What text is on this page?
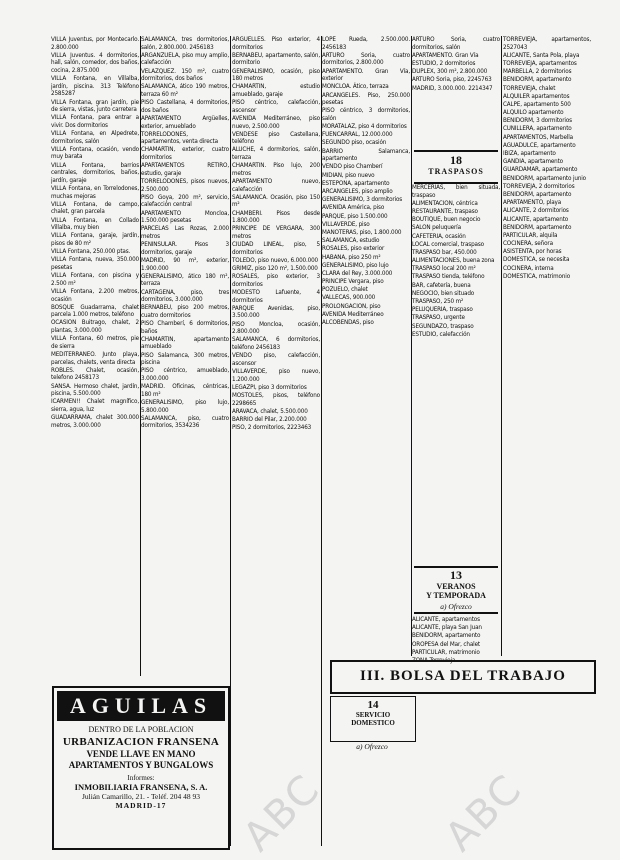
VILLA Juventus, por Montecarlo. 2.800.000

VILLA Juventus. 4 dormitorios, hall, salón, comedor, dos baños, cocina, 2.875.000

VILLA Fontana, en Villalba, jardín, piscina. 313 Teléfono 2585287

VILLA Fontana, gran jardín, pie de sierra, vistas, junto carretera

VILLA Fontana, para entrar a vivir. Dos dormitorios

VILLA Fontana, en Alpedrete, dormitorios, salón

VILLA Fontana, ocasión, vendo muy barata

VILLA Fontana, barrios centrales, dormitorios, baños, jardín, garaje

VILLA Fontana, en Torrelodones, muchas mejoras

VILLA Fontana, de campo, chalet, gran parcela

VILLA Fontana, en Collado Villalba, muy bien

VILLA Fontana, garaje, jardín, pisos de 80 m²

VILLA Fontana, 250.000 ptas.

VILLA Fontana, nueva, 350.000 pesetas

VILLA Fontana, con piscina y 2.500 m²

VILLA Fontana, 2.200 metros, ocasión

BOSQUE Guadarrama, chalet parcela 1.000 metros, teléfono

OCASION Buitrago, chalet, 2 plantas, 3.000.000

VILLA Fontana, 60 metros, pie de sierra

MEDITERRANEO. Junto playa, parcelas, chalets, venta directa

ROBLES. Chalet, ocasión, telefono 2458173

SANSA. Hermoso chalet, jardín, piscina, 5.500.000

ICARMEN!! Chalet magnífico, sierra, agua, luz

GUADARRAMA, chalet 300.000 metros, 3.000.000

SALAMANCA, tres dormitorios, salón, 2.800.000. 2456183

ARGANZUELA, piso muy amplio, calefacción

VELAZQUEZ. 150 m², cuatro dormitorios, dos baños

SALAMANCA, ático 190 metros, terraza 60 m²

PISO Castellana, 4 dormitorios, dos baños

APARTAMENTO Argüelles, exterior, amueblado

TORRELODONES, apartamentos, venta directa

CHAMARTIN, exterior, cuatro dormitorios

APARTAMENTOS RETIRO, estudio, garaje

TORRELODONES, pisos nuevos, 2.500.000

PISO Goya, 200 m², servicio, calefacción central

APARTAMENTO Moncloa, 1.500.000 pesetas

PARCELAS Las Rozas, 2.000 metros

PENINSULAR. Pisos 3 dormitorios, garaje

MADRID, 90 m², exterior, 1.900.000

GENERALISIMO, ático 180 m², terraza

CARTAGENA, piso, tres dormitorios, 3.000.000

BERNABEU, piso 200 metros, cuatro dormitorios

PISO Chamberí, 6 dormitorios, baños

CHAMARTIN, apartamento amueblado

PISO Salamanca, 300 metros, piscina

PISO céntrico, amueblado, 3.000.000

MADRID. Oficinas, céntricas, 180 m²

GENERALISIMO, piso lujo, 5.800.000

SALAMANCA, piso, cuatro dormitorios, 3534236

ARGÜELLES. Piso exterior, 4 dormitorios

BERNABEU, apartamento, salón, dormitorio

GENERALISIMO, ocasión, piso 180 metros

CHAMARTIN, estudio amueblado, garaje

PISO céntrico, calefacción, ascensor

AVENIDA Mediterráneo, piso nuevo, 2.500.000

VENDESE piso Castellana, teléfono

ALUCHE, 4 dormitorios, salón, terraza

CHAMARTIN. Piso lujo, 200 metros

APARTAMENTO nuevo, calefacción

SALAMANCA. Ocasión, piso 150 m²

CHAMBERI. Pisos desde 1.800.000

PRINCIPE DE VERGARA, 300 metros

CIUDAD LINEAL, piso, 5 dormitorios

TOLEDO, piso nuevo, 6.000.000

GRIMIZ, piso 120 m², 1.500.000

ROSALES, piso exterior, 3 dormitorios

MODESTO Lafuente, 4 dormitorios

PARQUE Avenidas, piso, 3.500.000

PISO Moncloa, ocasión, 2.800.000

SALAMANCA, 6 dormitorios, teléfono 2456183

VENDO piso, calefacción, ascensor

VILLAVERDE, piso nuevo, 1.200.000

LEGAZPI, piso 3 dormitorios

MOSTOLES, pisos, teléfono 2298665

ARAVACA, chalet, 5.500.000

BARRIO del Pilar, 2.200.000

PISO, 2 dormitorios, 2223463

LOPE Rueda, 2.500.000. 2456183

ARTURO Soria, cuatro dormitorios, 2.800.000

APARTAMENTO. Gran Vía, exterior

MONCLOA. Ático, terraza

ARCANGELES. Piso, 250.000 pesetas

PISO céntrico, 3 dormitorios, salón

MORATALAZ, piso 4 dormitorios

FUENCARRAL, 12.000.000

SEGUNDO piso, ocasión

BARRIO Salamanca, apartamento

VENDO piso Chamberí

MIDIAN, piso nuevo

ESTEPONA, apartamento

ARCANGELES, piso amplio

GENERALISIMO, 3 dormitorios

AVENIDA América, piso

PARQUE, piso 1.500.000

VILLAVERDE, piso

MANOTERAS, piso, 1.800.000

SALAMANCA, estudio

ROSALES, piso exterior

HABANA, piso 250 m²

GENERALISIMO, piso lujo

CLARA del Rey, 3.000.000

PRINCIPE Vergara, piso

POZUELO, chalet

VALLECAS, 900.000

PROLONGACION, piso

AVENIDA Mediterráneo

ALCOBENDAS, piso

ARTURO Soria, cuatro dormitorios, salón

APARTAMENTO. Gran Vía

ESTUDIO, 2 dormitorios

DUPLEX, 300 m², 2.800.000

ARTURO Soria, piso, 2245763

MADRID, 3.000.000. 2214347

MERCERIAS, bien situada, traspaso

ALIMENTACION, céntrica

RESTAURANTE, traspaso

BOUTIQUE, buen negocio

SALON peluquería

CAFETERIA, ocasión

LOCAL comercial, traspaso

TRASPASO bar, 450.000

ALIMENTACIONES, buena zona

TRASPASO local 200 m²

TRASPASO tienda, teléfono

BAR, cafetería, buena

NEGOCIO, bien situado

TRASPASO, 250 m²

PELUQUERIA, traspaso

TRASPASO, urgente

SEGUNDAZO, traspaso

ESTUDIO, calefacción

ALICANTE, apartamentos

ALICANTE, playa San Juan

BENIDORM, apartamento

OROPESA del Mar, chalet

PARTICULAR, matrimonio

ZONA Torrevieja

TORREVIEJA, apartamentos, 2527043

ALICANTE, Santa Pola, playa

TORREVIEJA, apartamentos

MARBELLA, 2 dormitorios

BENIDORM, apartamento

TORREVIEJA, chalet

ALQUILER apartamentos

CALPE, apartamento 500

ALQUILO apartamento

BENIDORM, 3 dormitorios

CUNILLERA, apartamento

APARTAMENTOS, Marbella

AGUADULCE, apartamento

IBIZA, apartamento

GANDIA, apartamento

GUARDAMAR, apartamento

BENIDORM, apartamento junio

TORREVIEJA, 2 dormitorios

BENIDORM, apartamento

APARTAMENTO, playa

ALICANTE, 2 dormitorios

ALICANTE, apartamento

BENIDORM, apartamento

PARTICULAR, alquila

COCINERA, señora

ASISTENTA, por horas

DOMESTICA, se necesita

COCINERA, interna

DOMESTICA, matrimonio

18
TRASPASOS
13
VERANOS
Y TEMPORADA
a) Ofrezco
III. BOLSA DEL TRABAJO
14
SERVICIO
DOMESTICO
a) Ofrezco
AGUILAS
DENTRO DE LA POBLACION
URBANIZACION FRANSENA
VENDE LLAVE EN MANO
APARTAMENTOS Y BUNGALOWS
Informes:
INMOBILIARIA FRANSENA, S. A.
Julián Camarillo, 21. - Teléf. 204 48 93
MADRID-17	ABC	ABC
